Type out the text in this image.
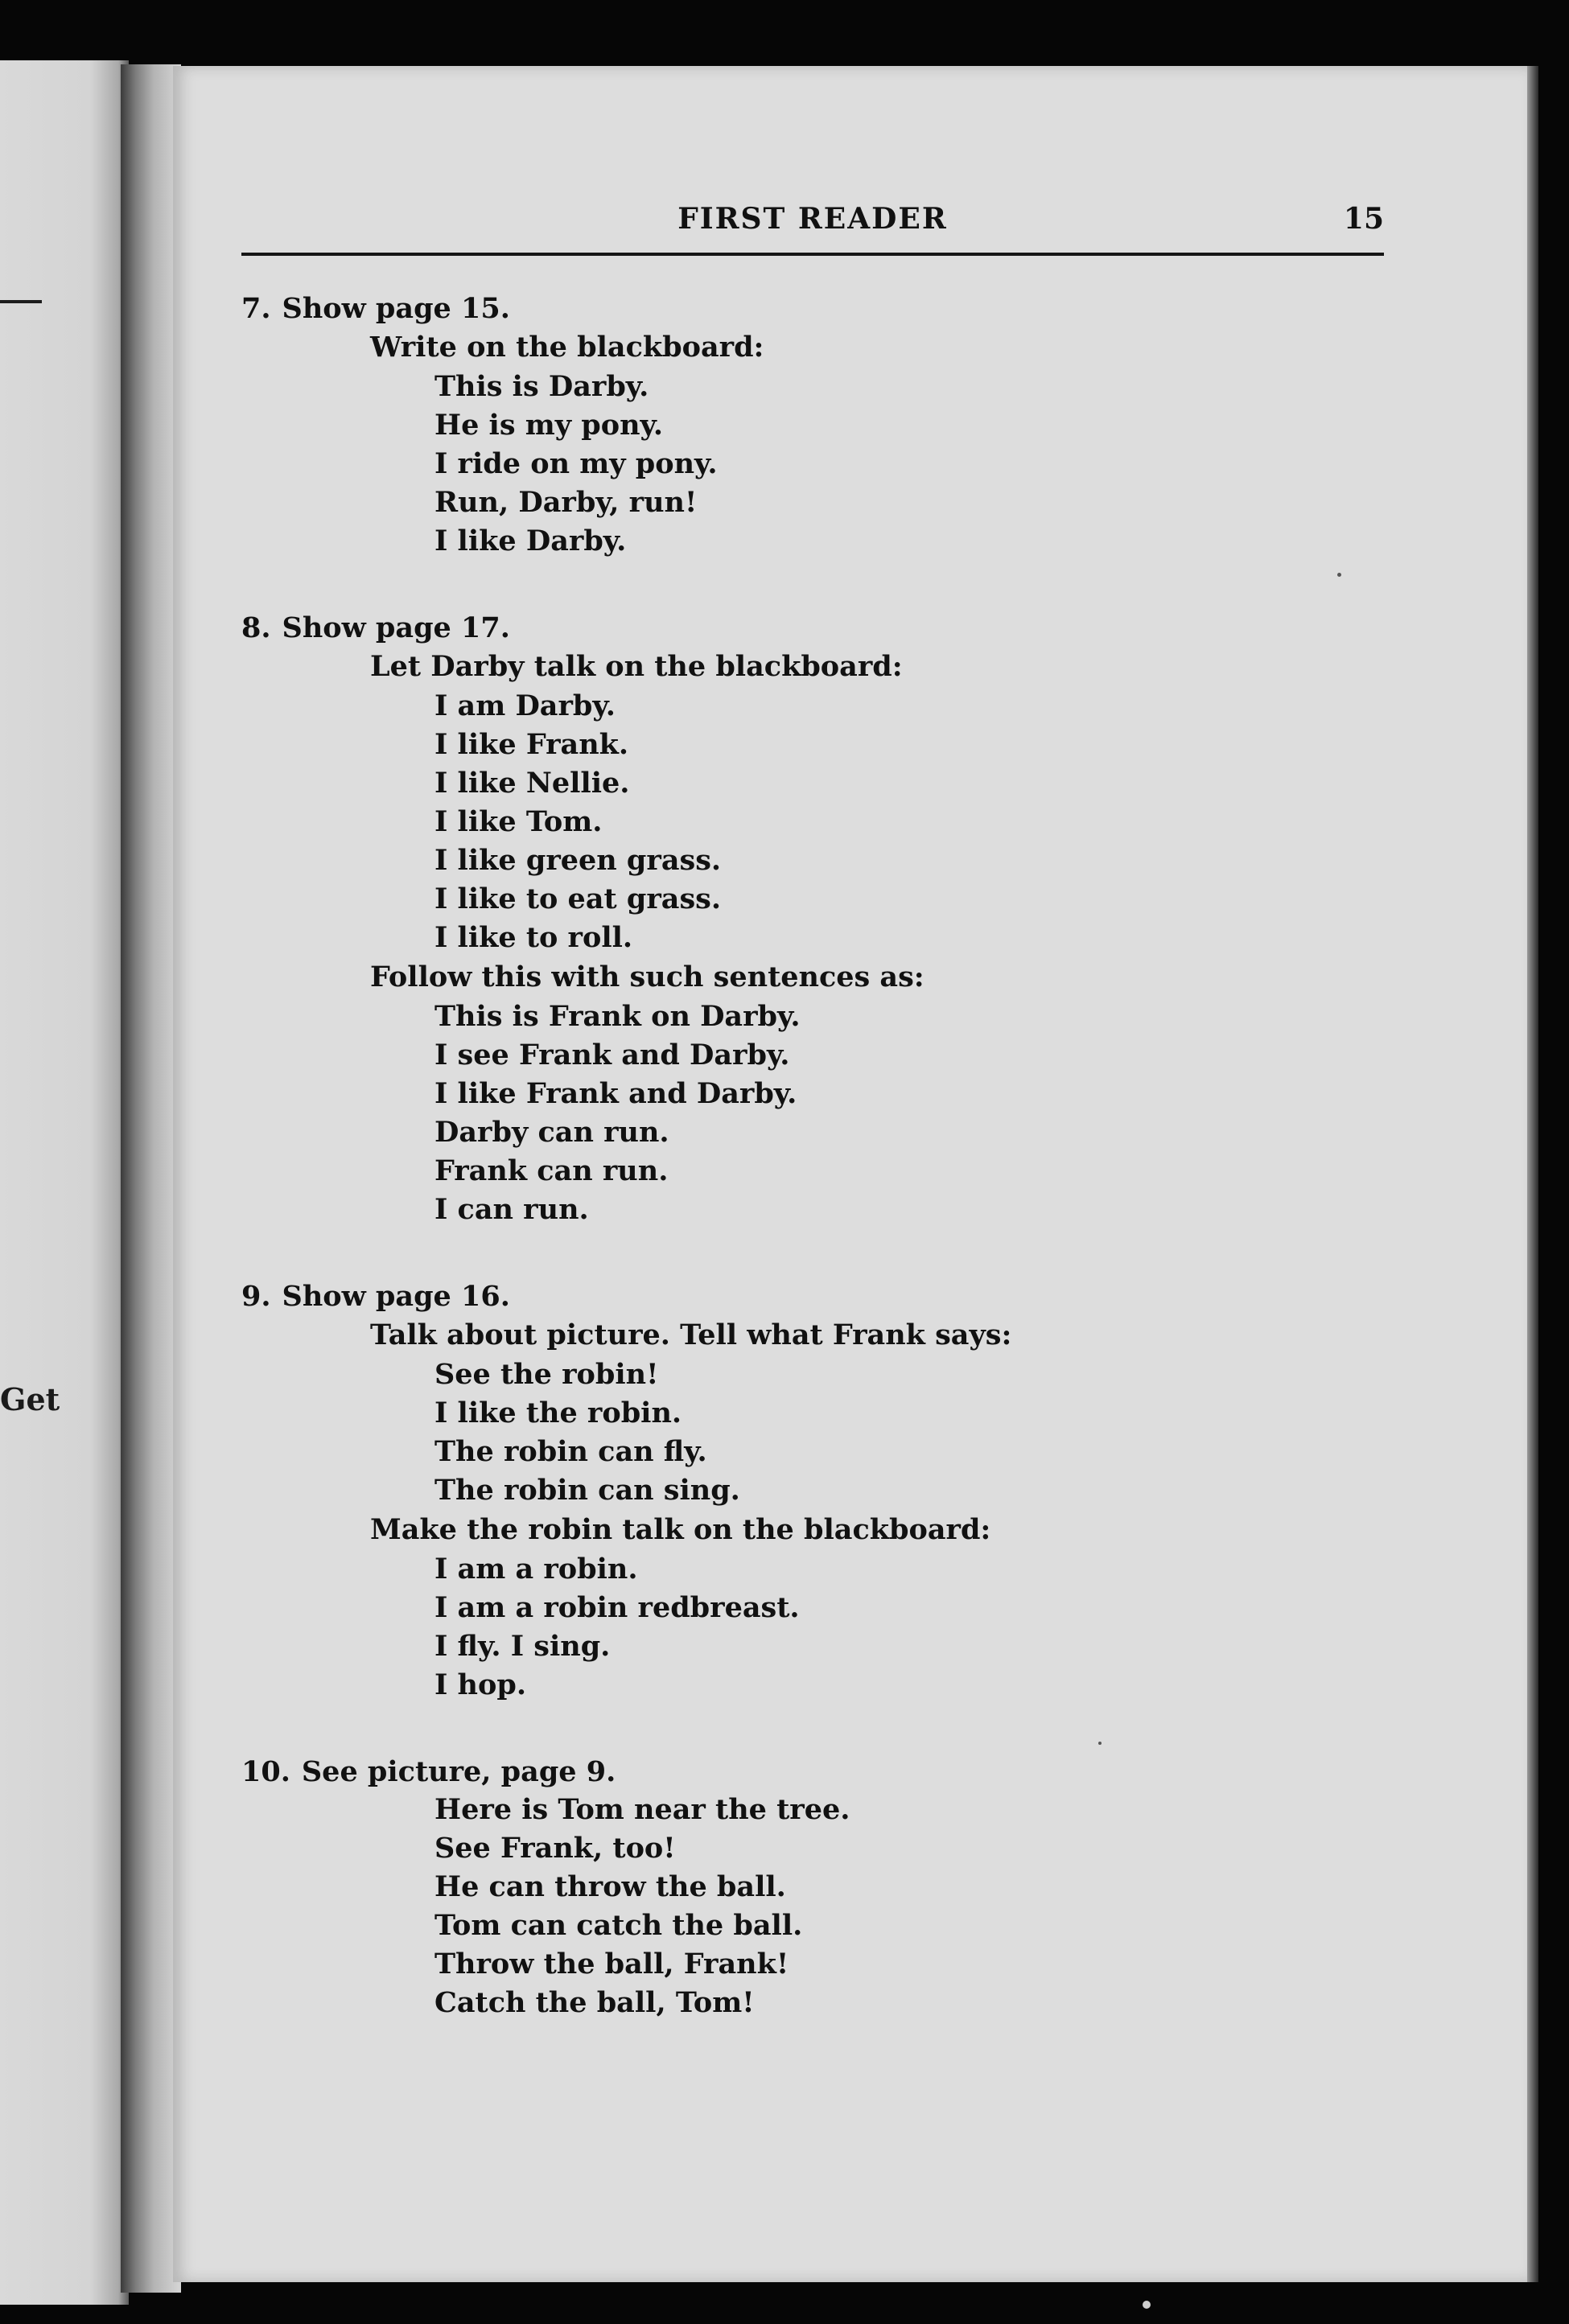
Get
FIRST READER	15
7. Show page 15.
Write on the blackboard:
This is Darby.
He is my pony.
I ride on my pony.
Run, Darby, run!
I like Darby.
8. Show page 17.
Let Darby talk on the blackboard:
I am Darby.
I like Frank.
I like Nellie.
I like Tom.
I like green grass.
I like to eat grass.
I like to roll.
Follow this with such sentences as:
This is Frank on Darby.
I see Frank and Darby.
I like Frank and Darby.
Darby can run.
Frank can run.
I can run.
9. Show page 16.
Talk about picture. Tell what Frank says:
See the robin!
I like the robin.
The robin can fly.
The robin can sing.
Make the robin talk on the blackboard:
I am a robin.
I am a robin redbreast.
I fly. I sing.
I hop.
10. See picture, page 9.
Here is Tom near the tree.
See Frank, too!
He can throw the ball.
Tom can catch the ball.
Throw the ball, Frank!
Catch the ball, Tom!
